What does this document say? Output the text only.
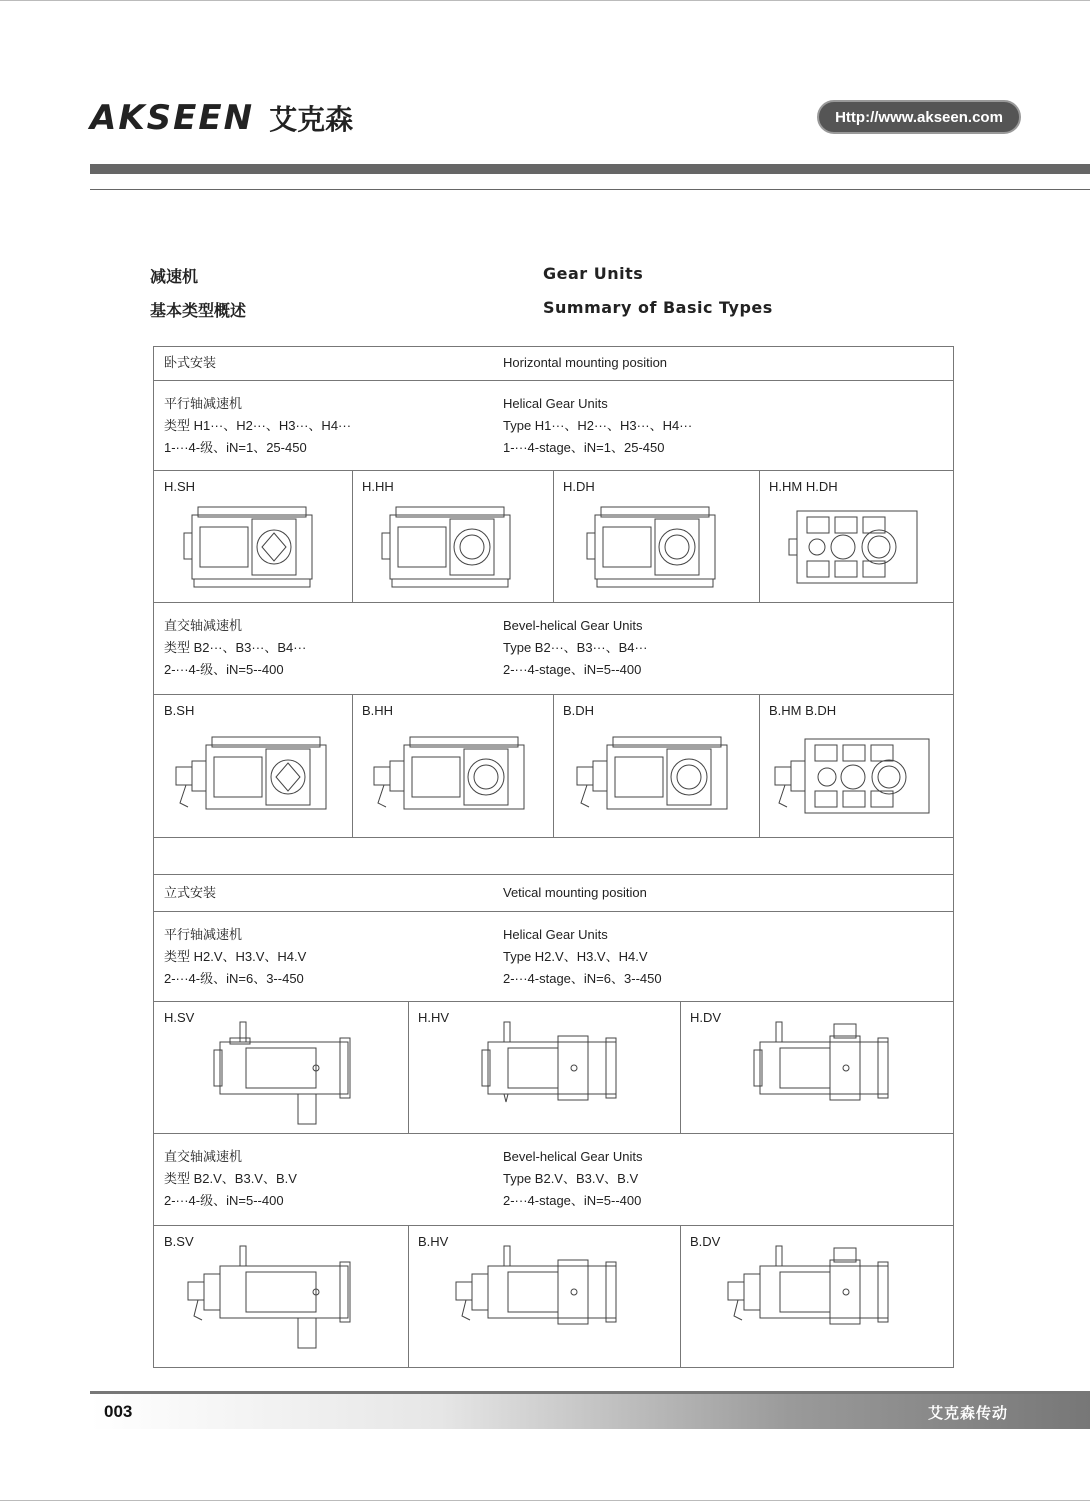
AKSEEN 艾克森	Http://www.akseen.com
减速机
基本类型概述
Gear Units
Summary of Basic Types
卧式安装	Horizontal mounting position
平行轴减速机
类型 H1···、H2···、H3···、H4···
1-···4-级、iN=1、25-450
Helical Gear Units
Type H1···、H2···、H3···、H4···
1-···4-stage、iN=1、25-450
H.SH	H.HH	H.DH	H.HM H.DH
直交轴减速机
类型 B2···、B3···、B4···
2-···4-级、iN=5--400
Bevel-helical Gear Units
Type B2···、B3···、B4···
2-···4-stage、iN=5--400
B.SH	B.HH	B.DH	B.HM B.DH
立式安装	Vetical mounting position
平行轴减速机
类型 H2.V、H3.V、H4.V
2-···4-级、iN=6、3--450
Helical Gear Units
Type H2.V、H3.V、H4.V
2-···4-stage、iN=6、3--450
H.SV	H.HV	H.DV
直交轴减速机
类型 B2.V、B3.V、B.V
2-···4-级、iN=5--400
Bevel-helical Gear Units
Type B2.V、B3.V、B.V
2-···4-stage、iN=5--400
B.SV	B.HV	B.DV
003	艾克森传动
